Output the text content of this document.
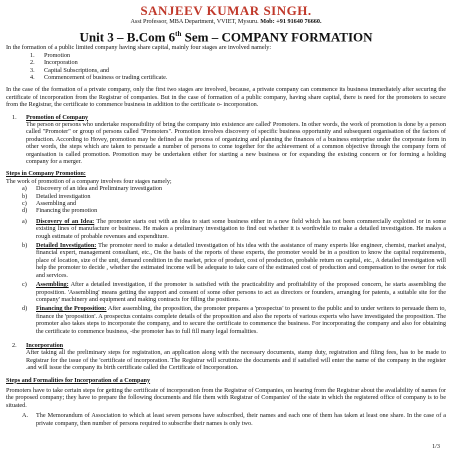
SANJEEV KUMAR SINGH.
Asst Professor, MBA Department, VVIET, Mysuru. Mob: +91 91640 76660.
Unit 3 – B.Com 6th Sem – COMPANY FORMATION

In the formation of a public limited company having share capital, mainly four stages are involved namely:

1.	Promotion
2.	Incorporation
3.	Capital Subscriptions, and
4.	Commencement of business or trading certificate.

In the case of the formation of a private company, only the first two stages are involved, because, a private company can commence its business immediately after securing the certificate of incorporation from the Registrar of companies. But in the case of formation of a public company, having share capital, there is need for the promoters to secure from the Registrar, the certificate to commence business in addition to the certificate o- incorporation.

1.	Promotion of Company

The person or persons who undertake responsibility of bring the company into existence are called' Promoters. In other words, the work of promotion is done by a person called "Promoter" or group of persons called "Promoters". Promotion involves discovery of specific business opportunity and subsequent organisation of the factors of production. According to Hovey, promotion may be defined as the process of organizing and planning the finances of a business enterprise under the corporate form in other words, the steps which are taken to persuade a number of persons to come together for the achievement of a common objective through the company form of organisation is called promotion. Promotion may be undertaken either for starting a new business or for expanding the existing concern or for forming a holding company for a merger.

Steps in Company Promotion:

The work of promotion of a company involves four stages namely;

a)	Discovery of an idea and Preliminary investigation
b)	Detailed investigation
c)	Assembling and
d)	Financing the promotion
a)	Discovery of an Idea: The promoter starts out with an idea to start some business either in a new field which has not been commercially exploited or in some existing lines of manufacture or business. He makes a preliminary investigation to find out whether it is worthwhile to make a detailed investigation. He makes a rough estimate of probable revenues and expenditure.
b)	Detailed Investigation: The promoter need to make a detailed investigation of his idea with the assistance of many experts like engineer, chemist, market analyst, financial expert, management consultant, etc., On the basis of the reports of these experts, the promoter would be in a position to know the capital requirements, place of location, size of the unit, demand condition in the market, price of product, cost of production, probable return on capital, etc., A detailed investigation will help the promoter to decide , whether the estimated income will be adequate to take care of the estimated cost of production and compensation to the owner for risk and services.
c)	Assembling: After a detailed investigation, if the promoter is satisfied with the practicability and profitability of the proposed concern, he starts assembling the proposition. 'Assembling' means getting the support and consent of some other persons to act as directors or founders, arranging for patents, a suitable site for the company' machinery and equipment and making contracts for filling the positions.
d)	Financing the Proposition: After assembling, the proposition, the promoter prepares a 'prospectus' to present to the public and to under writers to persuade them to, finance the 'proposition'. A prospectus contains complete details of the proposition and also the reports of various experts who have investigated the proposition. The promoter also takes steps to incorporate the company, and to secure the certificate to commence the business. For incorporating the company and also for obtaining the certificate to commence business, -the promoter has to full fill many legal formalities.
2.	Incorporation

After taking all the preliminary steps for registration, an application along with the necessary documents, stamp duty, registration and filing fees, has to be made to Registrar for the issue of the 'certificate of incorporation. The Registrar will scrutinize the documents and if satisfied will enter the name of the company in the register .and will issue the company its birth certificate called the Certificate of Incorporation.

Steps and Formalities for Incorporation of a Company

Promoters have to take certain steps for getting the certificate of incorporation from the Registrar of Companies, on hearing from the Registrar about the availability of names for the proposed company; they have to prepare the following documents and file them with Registrar of Companies' of the state in which the registered office of company is to be situated.

A.	The Memorandum of Association to which at least seven persons have subscribed, their names and each one of them has taken at least one share. In the case of a private company, then number of persons required to subscribe their names is only two.
1/3
